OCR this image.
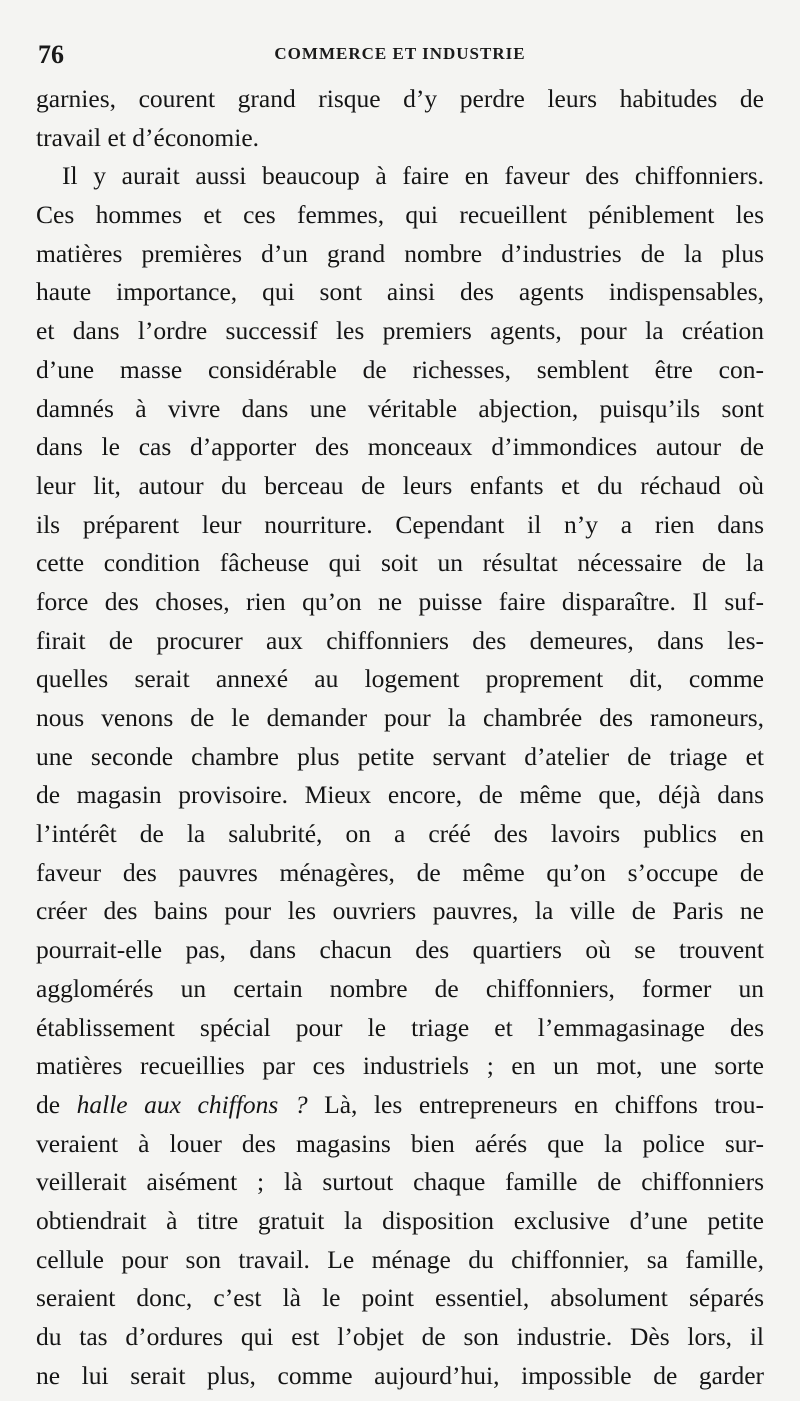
76	COMMERCE ET INDUSTRIE
garnies, courent grand risque d’y perdre leurs habitudes de
travail et d’économie.
Il y aurait aussi beaucoup à faire en faveur des chiffonniers.
Ces hommes et ces femmes, qui recueillent péniblement les
matières premières d’un grand nombre d’industries de la plus
haute importance, qui sont ainsi des agents indispensables,
et dans l’ordre successif les premiers agents, pour la création
d’une masse considérable de richesses, semblent être con-
damnés à vivre dans une véritable abjection, puisqu’ils sont
dans le cas d’apporter des monceaux d’immondices autour de
leur lit, autour du berceau de leurs enfants et du réchaud où
ils préparent leur nourriture. Cependant il n’y a rien dans
cette condition fâcheuse qui soit un résultat nécessaire de la
force des choses, rien qu’on ne puisse faire disparaître. Il suf-
firait de procurer aux chiffonniers des demeures, dans les-
quelles serait annexé au logement proprement dit, comme
nous venons de le demander pour la chambrée des ramoneurs,
une seconde chambre plus petite servant d’atelier de triage et
de magasin provisoire. Mieux encore, de même que, déjà dans
l’intérêt de la salubrité, on a créé des lavoirs publics en
faveur des pauvres ménagères, de même qu’on s’occupe de
créer des bains pour les ouvriers pauvres, la ville de Paris ne
pourrait-elle pas, dans chacun des quartiers où se trouvent
agglomérés un certain nombre de chiffonniers, former un
établissement spécial pour le triage et l’emmagasinage des
matières recueillies par ces industriels ; en un mot, une sorte
de halle aux chiffons ? Là, les entrepreneurs en chiffons trou-
veraient à louer des magasins bien aérés que la police sur-
veillerait aisément ; là surtout chaque famille de chiffonniers
obtiendrait à titre gratuit la disposition exclusive d’une petite
cellule pour son travail. Le ménage du chiffonnier, sa famille,
seraient donc, c’est là le point essentiel, absolument séparés
du tas d’ordures qui est l’objet de son industrie. Dès lors, il
ne lui serait plus, comme aujourd’hui, impossible de garder
